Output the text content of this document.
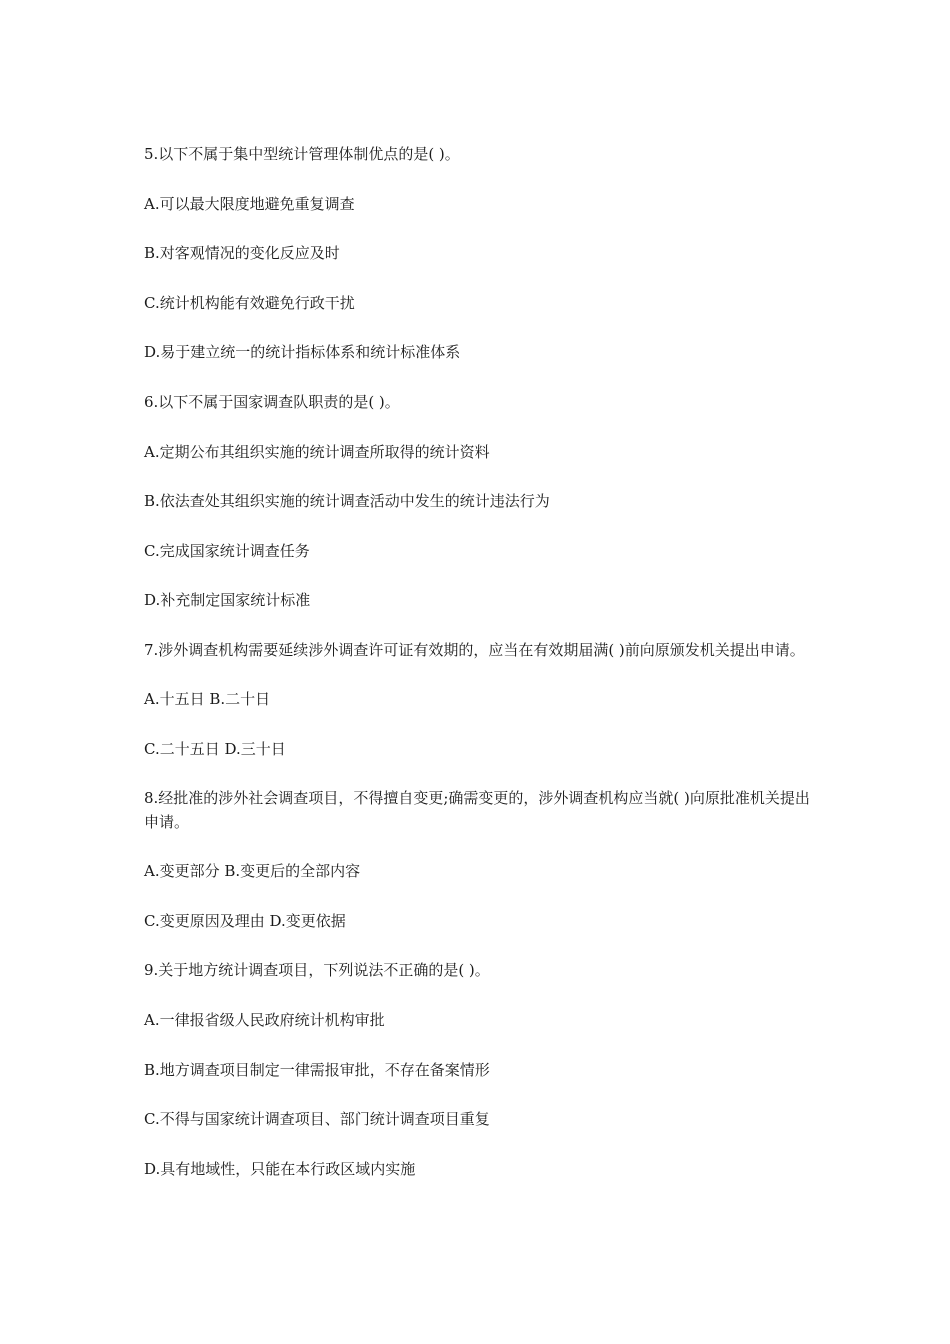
5.以下不属于集中型统计管理体制优点的是( )。

A.可以最大限度地避免重复调查

B.对客观情况的变化反应及时

C.统计机构能有效避免行政干扰

D.易于建立统一的统计指标体系和统计标准体系

6.以下不属于国家调查队职责的是( )。

A.定期公布其组织实施的统计调查所取得的统计资料

B.依法查处其组织实施的统计调查活动中发生的统计违法行为

C.完成国家统计调查任务

D.补充制定国家统计标准

7.涉外调查机构需要延续涉外调查许可证有效期的，应当在有效期届满( )前向原颁发机关提出申请。

A.十五日 B.二十日

C.二十五日 D.三十日

8.经批准的涉外社会调查项目，不得擅自变更;确需变更的，涉外调查机构应当就( )向原批准机关提出申请。

A.变更部分 B.变更后的全部内容

C.变更原因及理由 D.变更依据

9.关于地方统计调查项目，下列说法不正确的是( )。

A.一律报省级人民政府统计机构审批

B.地方调查项目制定一律需报审批，不存在备案情形

C.不得与国家统计调查项目、部门统计调查项目重复

D.具有地域性，只能在本行政区域内实施
